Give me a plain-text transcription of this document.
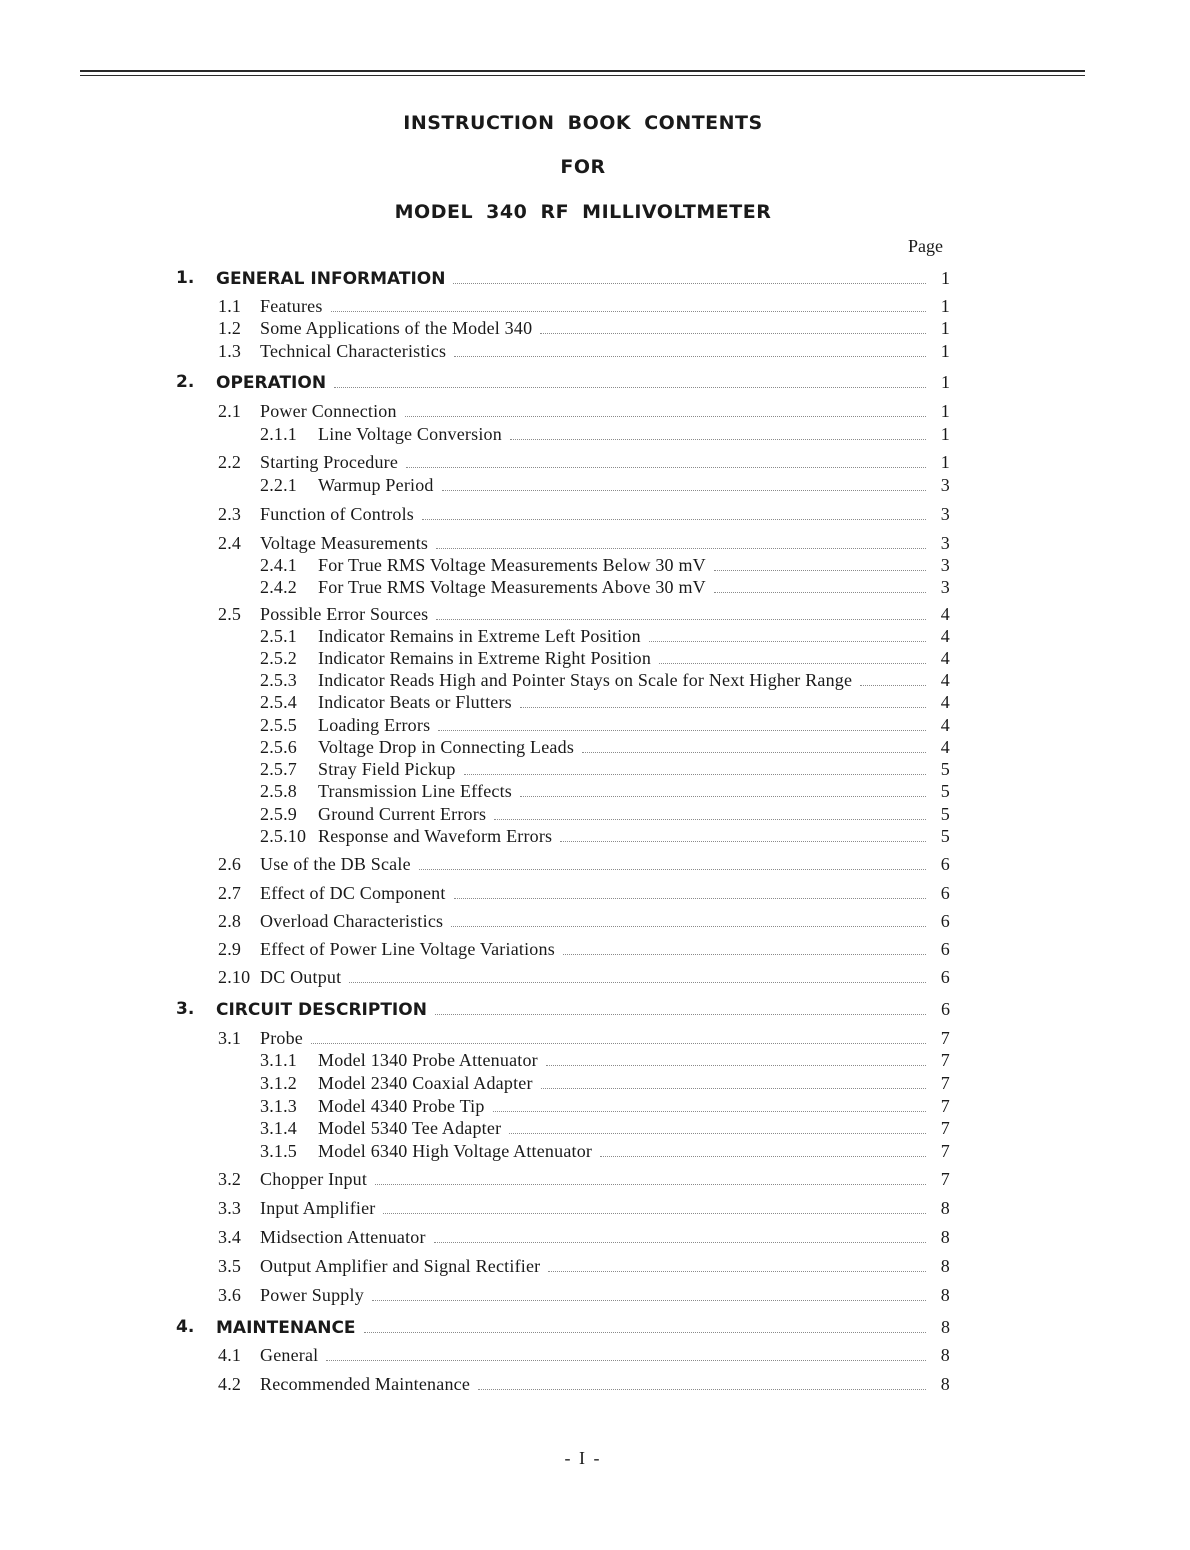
INSTRUCTION BOOK CONTENTS
FOR
MODEL 340 RF MILLIVOLTMETER
Page
1. GENERAL INFORMATION	1
1.1	Features	1
1.2	Some Applications of the Model 340	1
1.3	Technical Characteristics	1
2. OPERATION	1
2.1	Power Connection	1
2.1.1	Line Voltage Conversion	1
2.2	Starting Procedure	1
2.2.1	Warmup Period	3
2.3	Function of Controls	3
2.4	Voltage Measurements	3
2.4.1	For True RMS Voltage Measurements Below 30 mV	3
2.4.2	For True RMS Voltage Measurements Above 30 mV	3
2.5	Possible Error Sources	4
2.5.1	Indicator Remains in Extreme Left Position	4
2.5.2	Indicator Remains in Extreme Right Position	4
2.5.3	Indicator Reads High and Pointer Stays on Scale for Next Higher Range	4
2.5.4	Indicator Beats or Flutters	4
2.5.5	Loading Errors	4
2.5.6	Voltage Drop in Connecting Leads	4
2.5.7	Stray Field Pickup	5
2.5.8	Transmission Line Effects	5
2.5.9	Ground Current Errors	5
2.5.10 Response and Waveform Errors	5
2.6	Use of the DB Scale	6
2.7	Effect of DC Component	6
2.8	Overload Characteristics	6
2.9	Effect of Power Line Voltage Variations	6
2.10 DC Output	6
3. CIRCUIT DESCRIPTION	6
3.1	Probe	7
3.1.1	Model 1340 Probe Attenuator	7
3.1.2	Model 2340 Coaxial Adapter	7
3.1.3	Model 4340 Probe Tip	7
3.1.4	Model 5340 Tee Adapter	7
3.1.5	Model 6340 High Voltage Attenuator	7
3.2	Chopper Input	7
3.3	Input Amplifier	8
3.4	Midsection Attenuator	8
3.5	Output Amplifier and Signal Rectifier	8
3.6	Power Supply	8
4. MAINTENANCE	8
4.1	General	8
4.2	Recommended Maintenance	8
- I -
